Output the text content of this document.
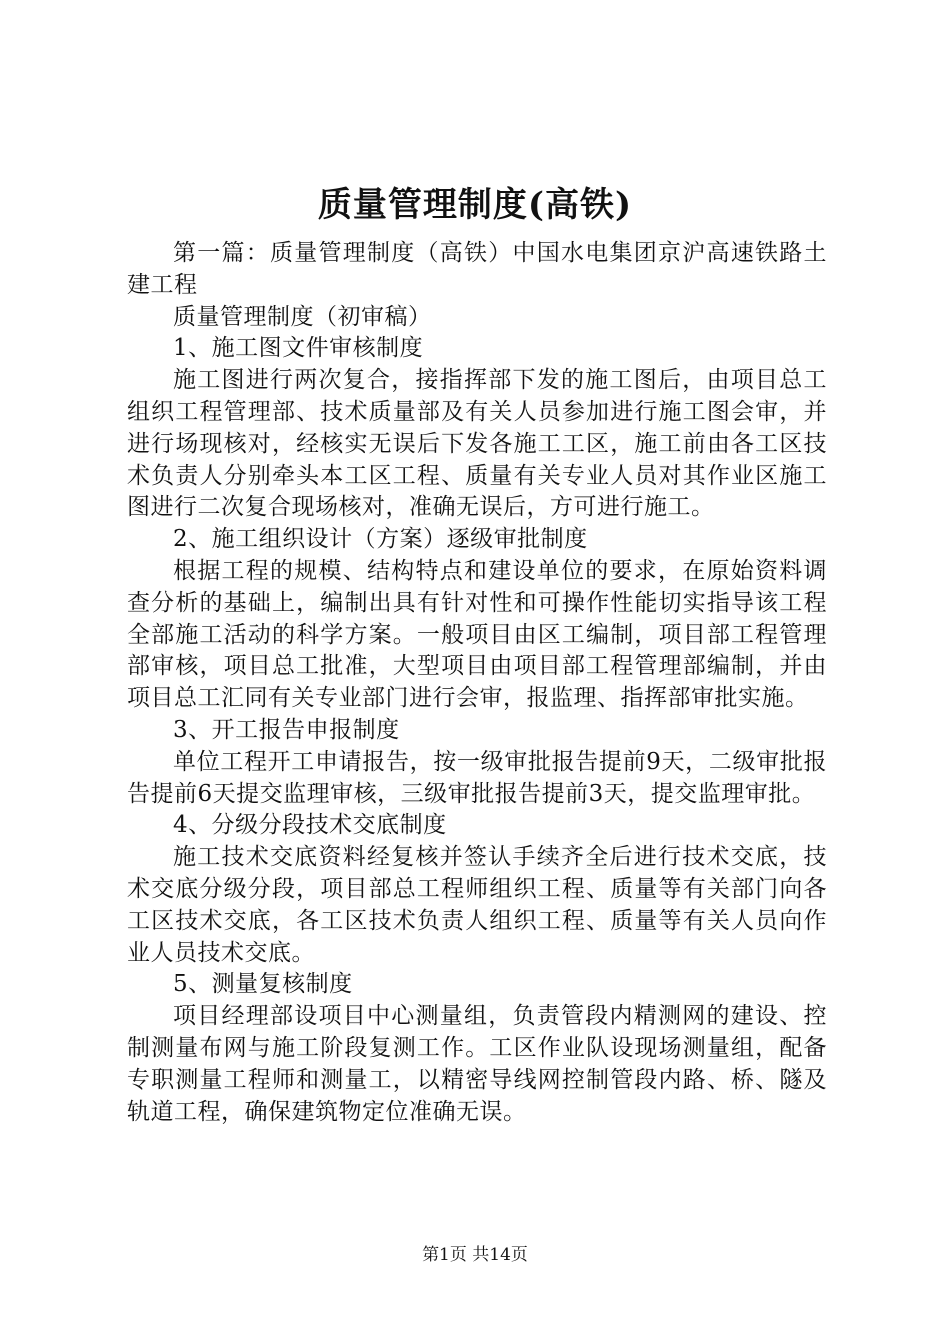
质量管理制度(高铁)

第一篇：质量管理制度（高铁）中国水电集团京沪高速铁路土建工程

质量管理制度（初审稿）

1、施工图文件审核制度

施工图进行两次复合，接指挥部下发的施工图后，由项目总工组织工程管理部、技术质量部及有关人员参加进行施工图会审，并进行场现核对，经核实无误后下发各施工工区，施工前由各工区技术负责人分别牵头本工区工程、质量有关专业人员对其作业区施工图进行二次复合现场核对，准确无误后，方可进行施工。

2、施工组织设计（方案）逐级审批制度

根据工程的规模、结构特点和建设单位的要求，在原始资料调查分析的基础上，编制出具有针对性和可操作性能切实指导该工程全部施工活动的科学方案。一般项目由区工编制，项目部工程管理部审核，项目总工批准，大型项目由项目部工程管理部编制，并由项目总工汇同有关专业部门进行会审，报监理、指挥部审批实施。

3、开工报告申报制度

单位工程开工申请报告，按一级审批报告提前9天，二级审批报告提前6天提交监理审核，三级审批报告提前3天，提交监理审批。

4、分级分段技术交底制度

施工技术交底资料经复核并签认手续齐全后进行技术交底，技术交底分级分段，项目部总工程师组织工程、质量等有关部门向各工区技术交底，各工区技术负责人组织工程、质量等有关人员向作业人员技术交底。

5、测量复核制度

项目经理部设项目中心测量组，负责管段内精测网的建设、控制测量布网与施工阶段复测工作。工区作业队设现场测量组，配备专职测量工程师和测量工，以精密导线网控制管段内路、桥、隧及轨道工程，确保建筑物定位准确无误。

第1页 共14页
